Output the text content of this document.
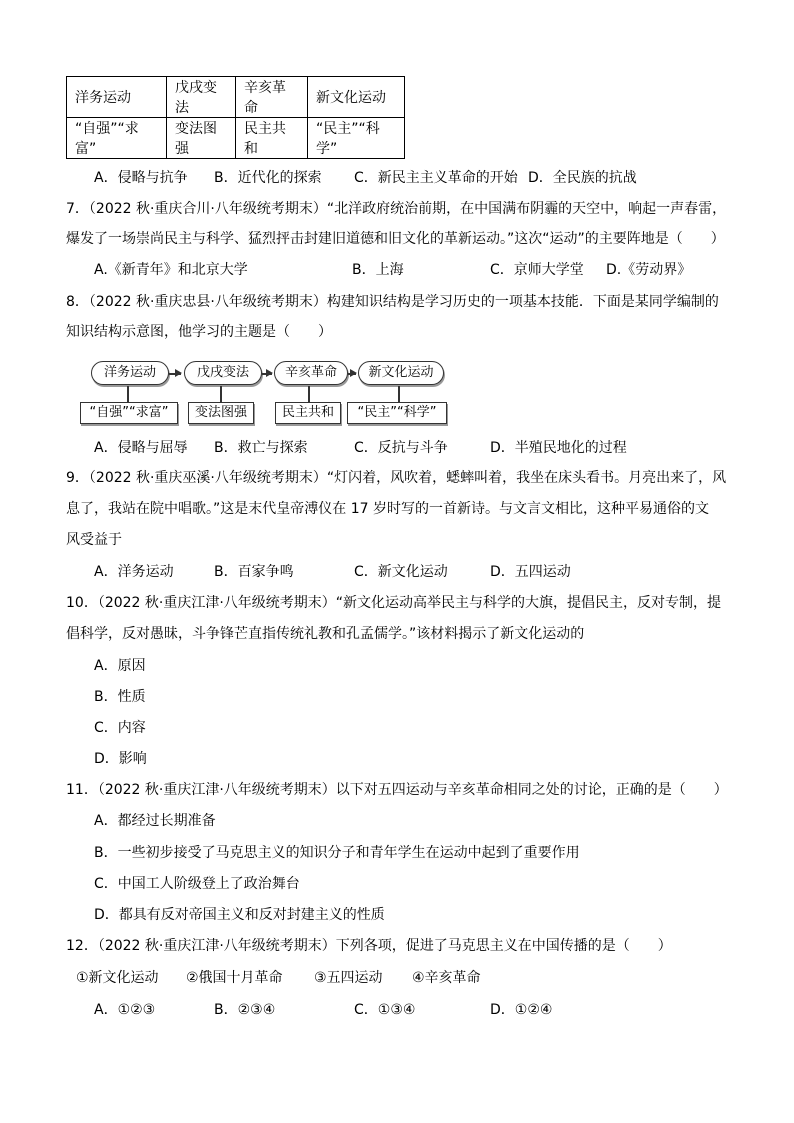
洋务运动	戊戌变法	辛亥革命	新文化运动
“自强”“求富”	变法图强	民主共和	“民主”“科学”
A．侵略与抗争 B．近代化的探索 C．新民主主义革命的开始 D．全民族的抗战
7．（2022 秋·重庆合川·八年级统考期末）“北洋政府统治前期，在中国满布阴霾的天空中，响起一声春雷，
爆发了一场崇尚民主与科学、猛烈抨击封建旧道德和旧文化的革新运动。”这次“运动”的主要阵地是（　　）
A.《新青年》和北京大学	B．上海	C．京师大学堂 D.《劳动界》
8．（2022 秋·重庆忠县·八年级统考期末）构建知识结构是学习历史的一项基本技能．下面是某同学编制的
知识结构示意图，他学习的主题是（　　）
洋务运动	戊戌变法	辛亥革命	新文化运动
“自强”“求富”	变法图强	民主共和	“民主”“科学”
A．侵略与屈辱 B．救亡与探索	C．反抗与斗争	D．半殖民地化的过程
9．（2022 秋·重庆巫溪·八年级统考期末）“灯闪着，风吹着，蟋蟀叫着，我坐在床头看书。月亮出来了，风
息了，我站在院中唱歌。”这是末代皇帝溥仪在 17 岁时写的一首新诗。与文言文相比，这种平易通俗的文
风受益于
A．洋务运动	B．百家争鸣	C．新文化运动	D．五四运动
10．（2022 秋·重庆江津·八年级统考期末）“新文化运动高举民主与科学的大旗，提倡民主，反对专制，提
倡科学，反对愚昧，斗争锋芒直指传统礼教和孔孟儒学。”该材料揭示了新文化运动的
A．原因
B．性质
C．内容
D．影响
11．（2022 秋·重庆江津·八年级统考期末）以下对五四运动与辛亥革命相同之处的讨论，正确的是（　　）
A．都经过长期准备
B．一些初步接受了马克思主义的知识分子和青年学生在运动中起到了重要作用
C．中国工人阶级登上了政治舞台
D．都具有反对帝国主义和反对封建主义的性质
12．（2022 秋·重庆江津·八年级统考期末）下列各项，促进了马克思主义在中国传播的是（　　）
①新文化运动 ②俄国十月革命 ③五四运动 ④辛亥革命
A．①②③	B．②③④	C．①③④	D．①②④
